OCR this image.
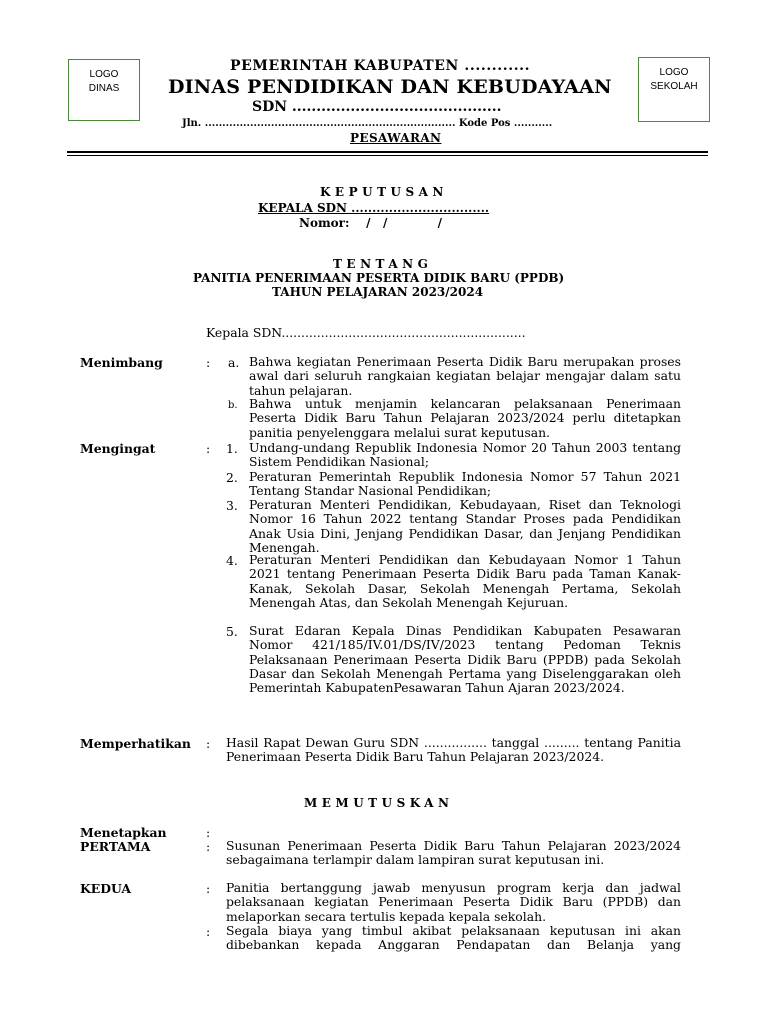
LOGO
DINAS
LOGO
SEKOLAH
PEMERINTAH KABUPATEN ............
DINAS PENDIDIKAN DAN KEBUDAYAAN
SDN ...........................................
Jln. ........................................................................ Kode Pos ...........
PESAWARAN
KEPUTUSAN
KEPALA SDN .................................
Nomor:    /   /            /
TENTANG
PANITIA PENERIMAAN PESERTA DIDIK BARU (PPDB)
TAHUN PELAJARAN 2023/2024
Kepala SDN..............................................................
Menimbang	: a. Bahwa kegiatan Penerimaan Peserta Didik Baru merupakan proses awal dari seluruh rangkaian kegiatan belajar mengajar dalam satu tahun pelajaran.
b. Bahwa untuk menjamin kelancaran pelaksanaan Penerimaan Peserta Didik Baru Tahun Pelajaran 2023/2024 perlu ditetapkan panitia penyelenggara melalui surat keputusan.
Mengingat	: 1. Undang-undang Republik Indonesia Nomor 20 Tahun 2003 tentang Sistem Pendidikan Nasional;
2. Peraturan Pemerintah Republik Indonesia Nomor 57 Tahun 2021 Tentang Standar Nasional Pendidikan;
3. Peraturan Menteri Pendidikan, Kebudayaan, Riset dan Teknologi Nomor 16 Tahun 2022 tentang Standar Proses pada Pendidikan Anak Usia Dini, Jenjang Pendidikan Dasar, dan Jenjang Pendidikan Menengah.
4. Peraturan Menteri Pendidikan dan Kebudayaan Nomor 1 Tahun 2021 tentang Penerimaan Peserta Didik Baru pada Taman Kanak-Kanak, Sekolah Dasar, Sekolah Menengah Pertama, Sekolah Menengah Atas, dan Sekolah Menengah Kejuruan.
5. Surat Edaran Kepala Dinas Pendidikan Kabupaten Pesawaran Nomor 421/185/IV.01/DS/IV/2023 tentang Pedoman Teknis Pelaksanaan Penerimaan Peserta Didik Baru (PPDB) pada Sekolah Dasar dan Sekolah Menengah Pertama yang Diselenggarakan oleh Pemerintah KabupatenPesawaran Tahun Ajaran 2023/2024.
Memperhatikan : Hasil Rapat Dewan Guru SDN ................ tanggal ......... tentang Panitia Penerimaan Peserta Didik Baru Tahun Pelajaran 2023/2024.
MEMUTUSKAN
Menetapkan	:
PERTAMA	: Susunan Penerimaan Peserta Didik Baru Tahun Pelajaran 2023/2024 sebagaimana terlampir dalam lampiran surat keputusan ini.
KEDUA	: Panitia bertanggung jawab menyusun program kerja dan jadwal pelaksanaan kegiatan Penerimaan Peserta Didik Baru (PPDB) dan melaporkan secara tertulis kepada kepala sekolah.
: Segala biaya yang timbul akibat pelaksanaan keputusan ini akan dibebankan kepada Anggaran Pendapatan dan Belanja yang
